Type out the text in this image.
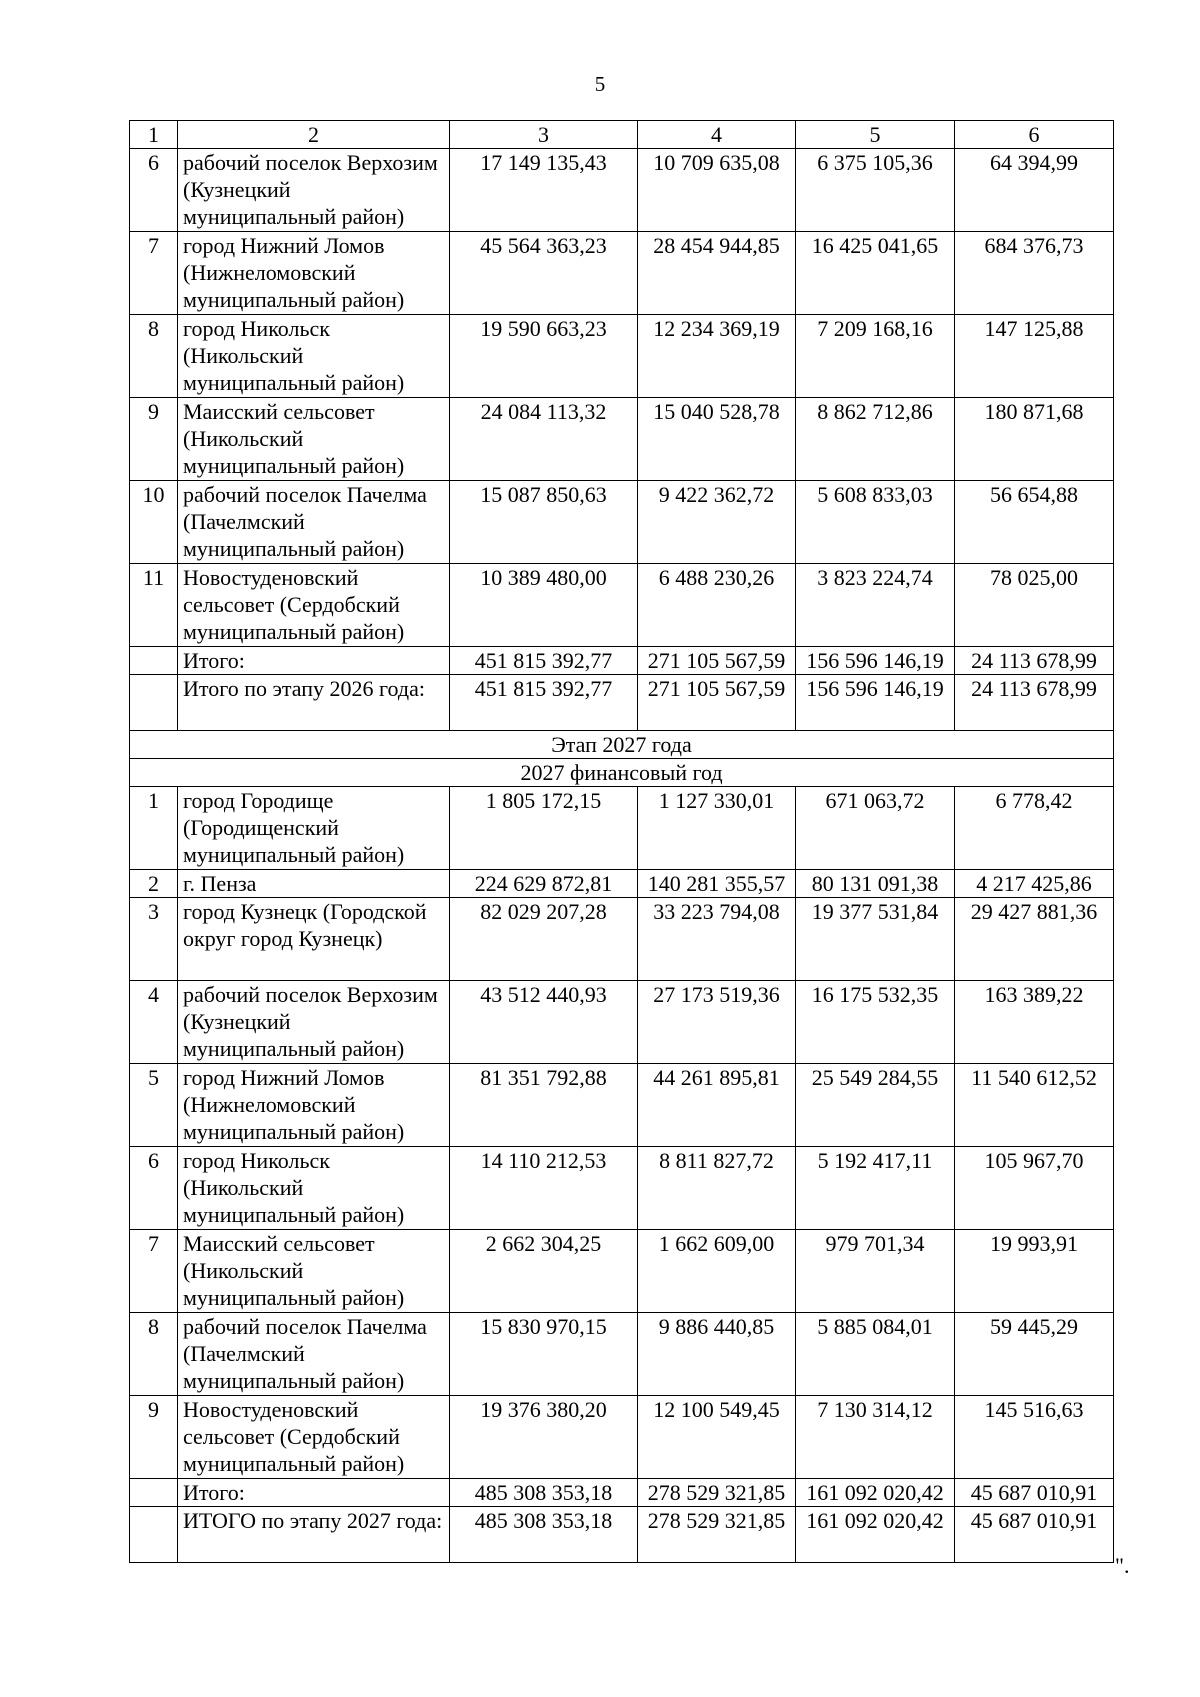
5
1	2	3	4	5	6
6	рабочий поселок Верхозим (Кузнецкий муниципальный район)	17 149 135,43	10 709 635,08	6 375 105,36	64 394,99
7	город Нижний Ломов (Нижнеломовский муниципальный район)	45 564 363,23	28 454 944,85	16 425 041,65	684 376,73
8	город Никольск (Никольский муниципальный район)	19 590 663,23	12 234 369,19	7 209 168,16	147 125,88
9	Маисский сельсовет (Никольский муниципальный район)	24 084 113,32	15 040 528,78	8 862 712,86	180 871,68
10	рабочий поселок Пачелма (Пачелмский муниципальный район)	15 087 850,63	9 422 362,72	5 608 833,03	56 654,88
11	Новостуденовский сельсовет (Сердобский муниципальный район)	10 389 480,00	6 488 230,26	3 823 224,74	78 025,00
	Итого:	451 815 392,77	271 105 567,59	156 596 146,19	24 113 678,99
	Итого по этапу 2026 года:	451 815 392,77	271 105 567,59	156 596 146,19	24 113 678,99
Этап 2027 года					
2027 финансовый год					
1	город Городище (Городищенский муниципальный район)	1 805 172,15	1 127 330,01	671 063,72	6 778,42
2	г. Пенза	224 629 872,81	140 281 355,57	80 131 091,38	4 217 425,86
3	город Кузнецк (Городской округ город Кузнецк)	82 029 207,28	33 223 794,08	19 377 531,84	29 427 881,36
4	рабочий поселок Верхозим (Кузнецкий муниципальный район)	43 512 440,93	27 173 519,36	16 175 532,35	163 389,22
5	город Нижний Ломов (Нижнеломовский муниципальный район)	81 351 792,88	44 261 895,81	25 549 284,55	11 540 612,52
6	город Никольск (Никольский муниципальный район)	14 110 212,53	8 811 827,72	5 192 417,11	105 967,70
7	Маисский сельсовет (Никольский муниципальный район)	2 662 304,25	1 662 609,00	979 701,34	19 993,91
8	рабочий поселок Пачелма (Пачелмский муниципальный район)	15 830 970,15	9 886 440,85	5 885 084,01	59 445,29
9	Новостуденовский сельсовет (Сердобский муниципальный район)	19 376 380,20	12 100 549,45	7 130 314,12	145 516,63
	Итого:	485 308 353,18	278 529 321,85	161 092 020,42	45 687 010,91
	ИТОГО по этапу 2027 года:	485 308 353,18	278 529 321,85	161 092 020,42	45 687 010,91
".
